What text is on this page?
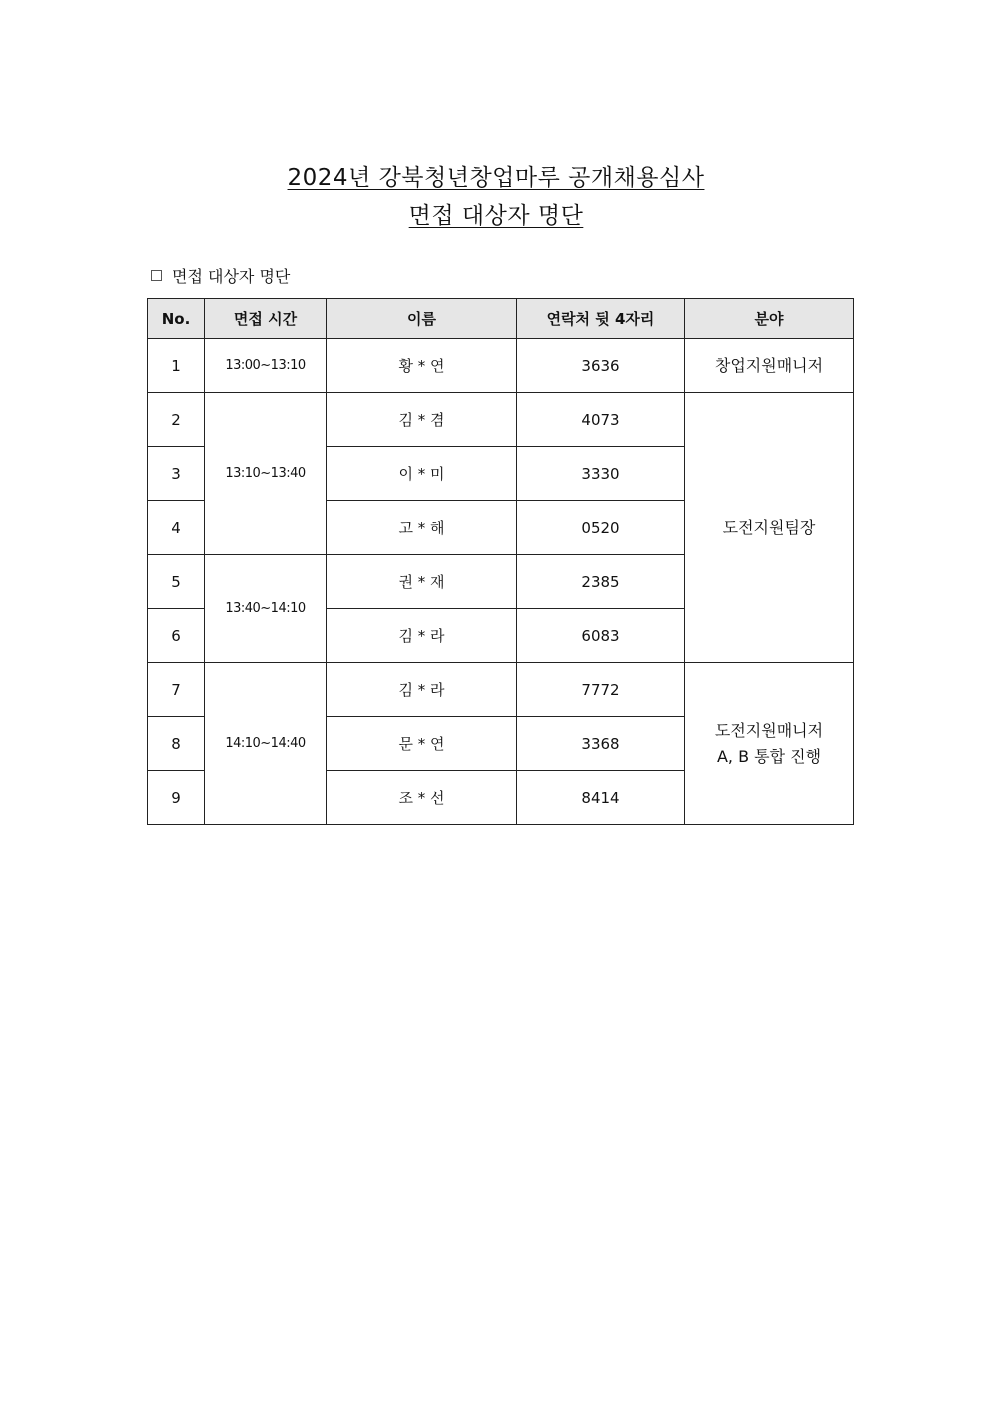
2024년 강북청년창업마루 공개채용심사
면접 대상자 명단
면접 대상자 명단
No.	면접 시간	이름	연락처 뒷 4자리	분야
1	13:00~13:10	황 * 연	3636	창업지원매니저
2	13:10~13:40	김 * 겸	4073	도전지원팀장
3		이 * 미	3330	
4		고 * 해	0520	
5	13:40~14:10	권 * 재	2385	
6		김 * 라	6083	
7	14:10~14:40	김 * 라	7772	도전지원매니저
A, B 통합 진행

8		문 * 연	3368	
9		조 * 선	8414	
